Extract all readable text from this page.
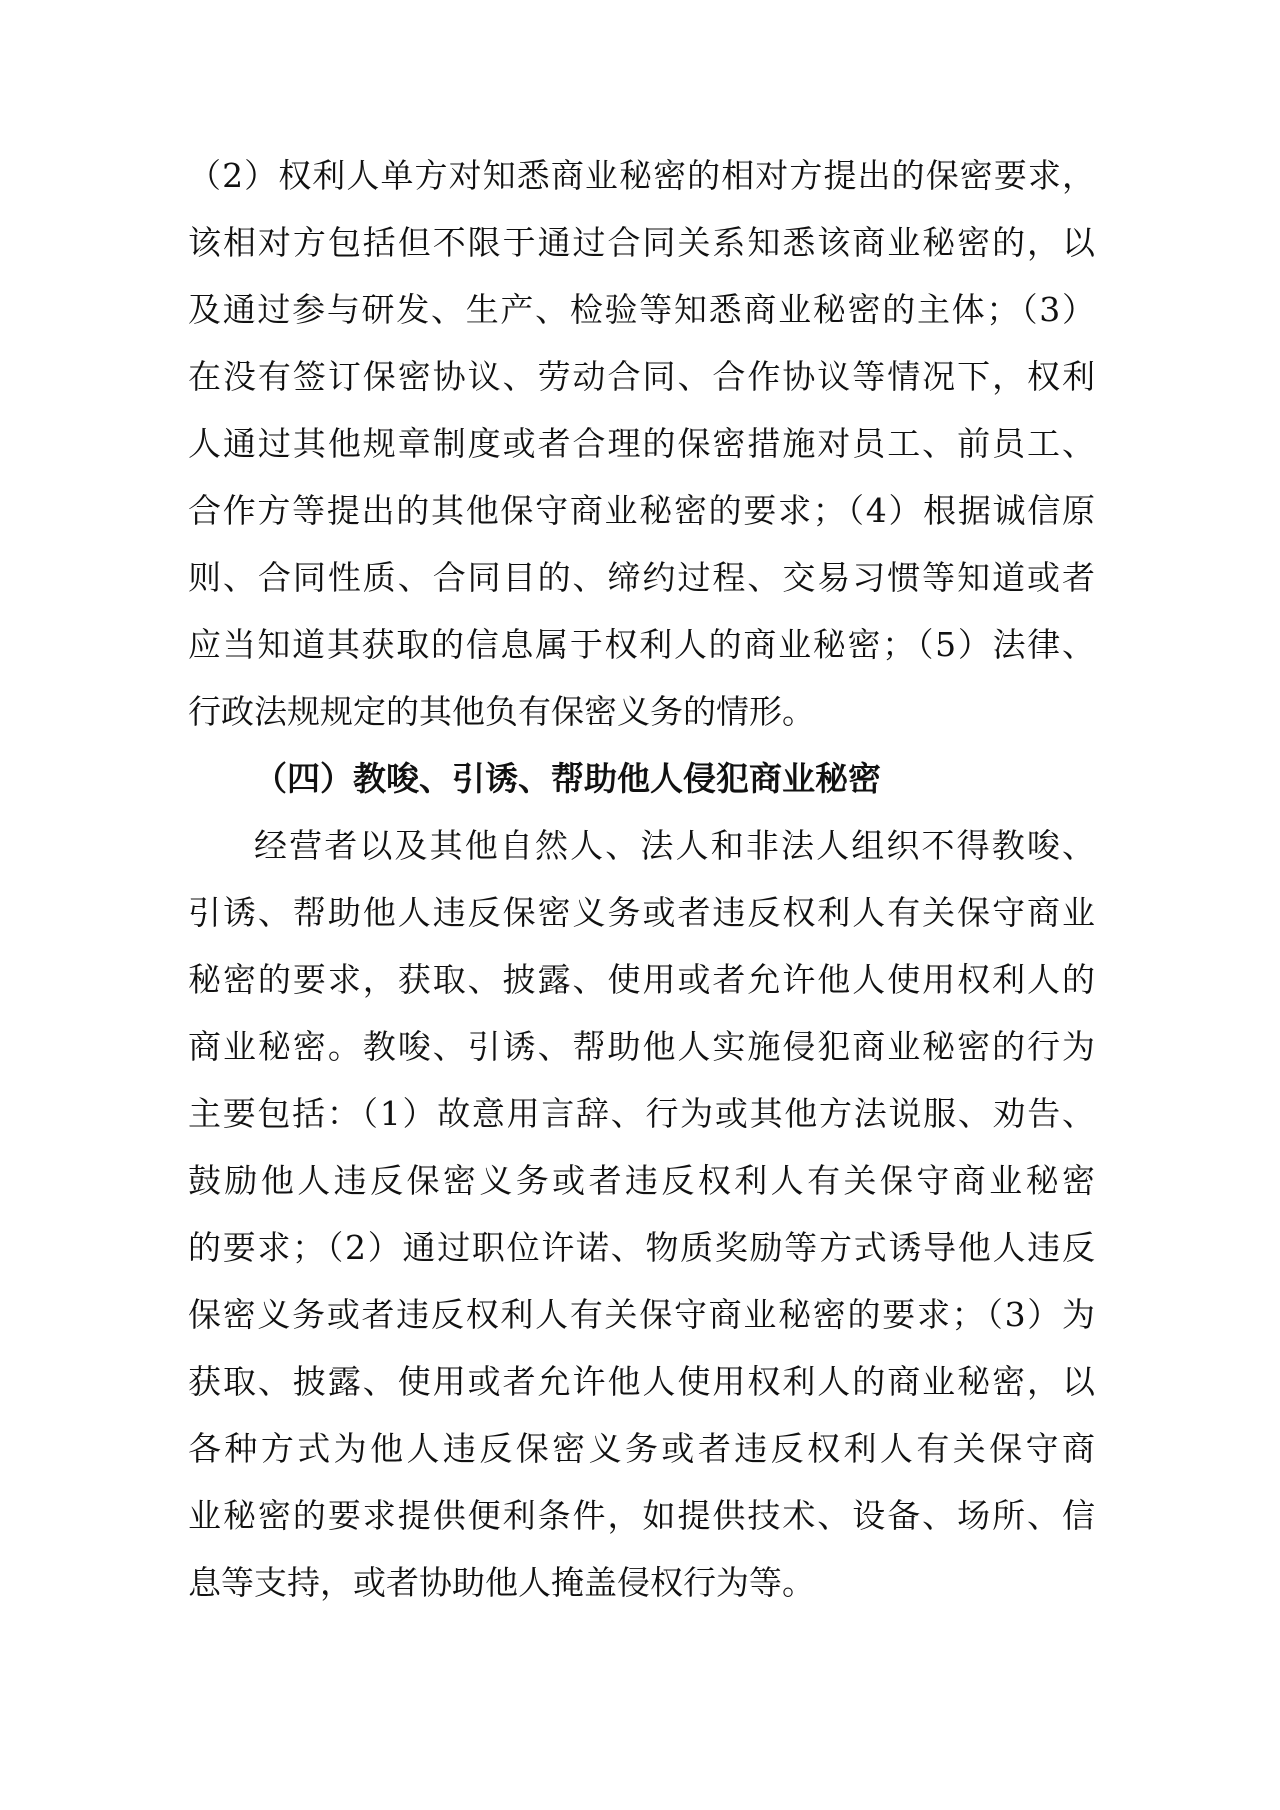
（2）权利人单方对知悉商业秘密的相对方提出的保密要求，
该相对方包括但不限于通过合同关系知悉该商业秘密的，以
及通过参与研发、生产、检验等知悉商业秘密的主体；（3）
在没有签订保密协议、劳动合同、合作协议等情况下，权利
人通过其他规章制度或者合理的保密措施对员工、前员工、
合作方等提出的其他保守商业秘密的要求；（4）根据诚信原
则、合同性质、合同目的、缔约过程、交易习惯等知道或者
应当知道其获取的信息属于权利人的商业秘密；（5）法律、
行政法规规定的其他负有保密义务的情形。
（四）教唆、引诱、帮助他人侵犯商业秘密
经营者以及其他自然人、法人和非法人组织不得教唆、
引诱、帮助他人违反保密义务或者违反权利人有关保守商业
秘密的要求，获取、披露、使用或者允许他人使用权利人的
商业秘密。教唆、引诱、帮助他人实施侵犯商业秘密的行为
主要包括：（1）故意用言辞、行为或其他方法说服、劝告、
鼓励他人违反保密义务或者违反权利人有关保守商业秘密
的要求；（2）通过职位许诺、物质奖励等方式诱导他人违反
保密义务或者违反权利人有关保守商业秘密的要求；（3）为
获取、披露、使用或者允许他人使用权利人的商业秘密，以
各种方式为他人违反保密义务或者违反权利人有关保守商
业秘密的要求提供便利条件，如提供技术、设备、场所、信
息等支持，或者协助他人掩盖侵权行为等。
